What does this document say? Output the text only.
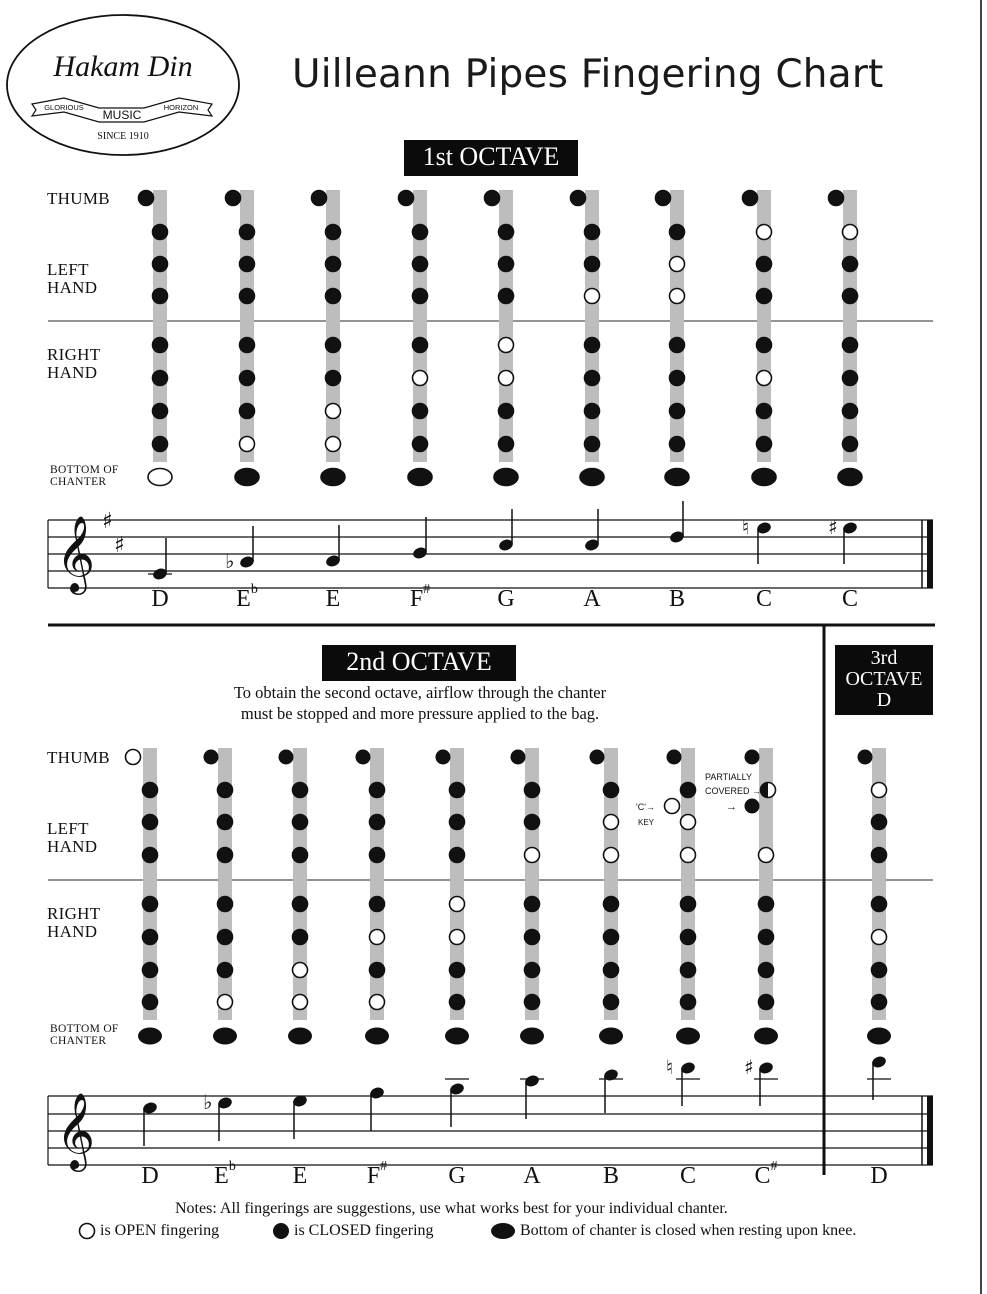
Hakam Din
GLORIOUS
MUSIC
HORIZON
SINCE 1910
Uilleann Pipes Fingering Chart
1st OCTAVE
THUMB
LEFT
HAND
RIGHT
HAND
BOTTOM OF
CHANTER
𝄞 ♯
♯
♭
♮	♯
2nd OCTAVE
To obtain the second octave, airflow through the chanter
must be stopped and more pressure applied to the bag.
3rd
OCTAVE
D
THUMB
LEFT
HAND
RIGHT
HAND
BOTTOM OF
CHANTER
'C'→
KEY
PARTIALLY
COVERED →
→
𝄞	♭
♮	♯
D	$E^b$	E	F#	G	A	B	C	C
D $E^b$ E F#	G A	B	C C#	D
Notes: All fingerings are suggestions, use what works best for your individual chanter.
is OPEN fingering	is CLOSED fingering	Bottom of chanter is closed when resting upon knee.
